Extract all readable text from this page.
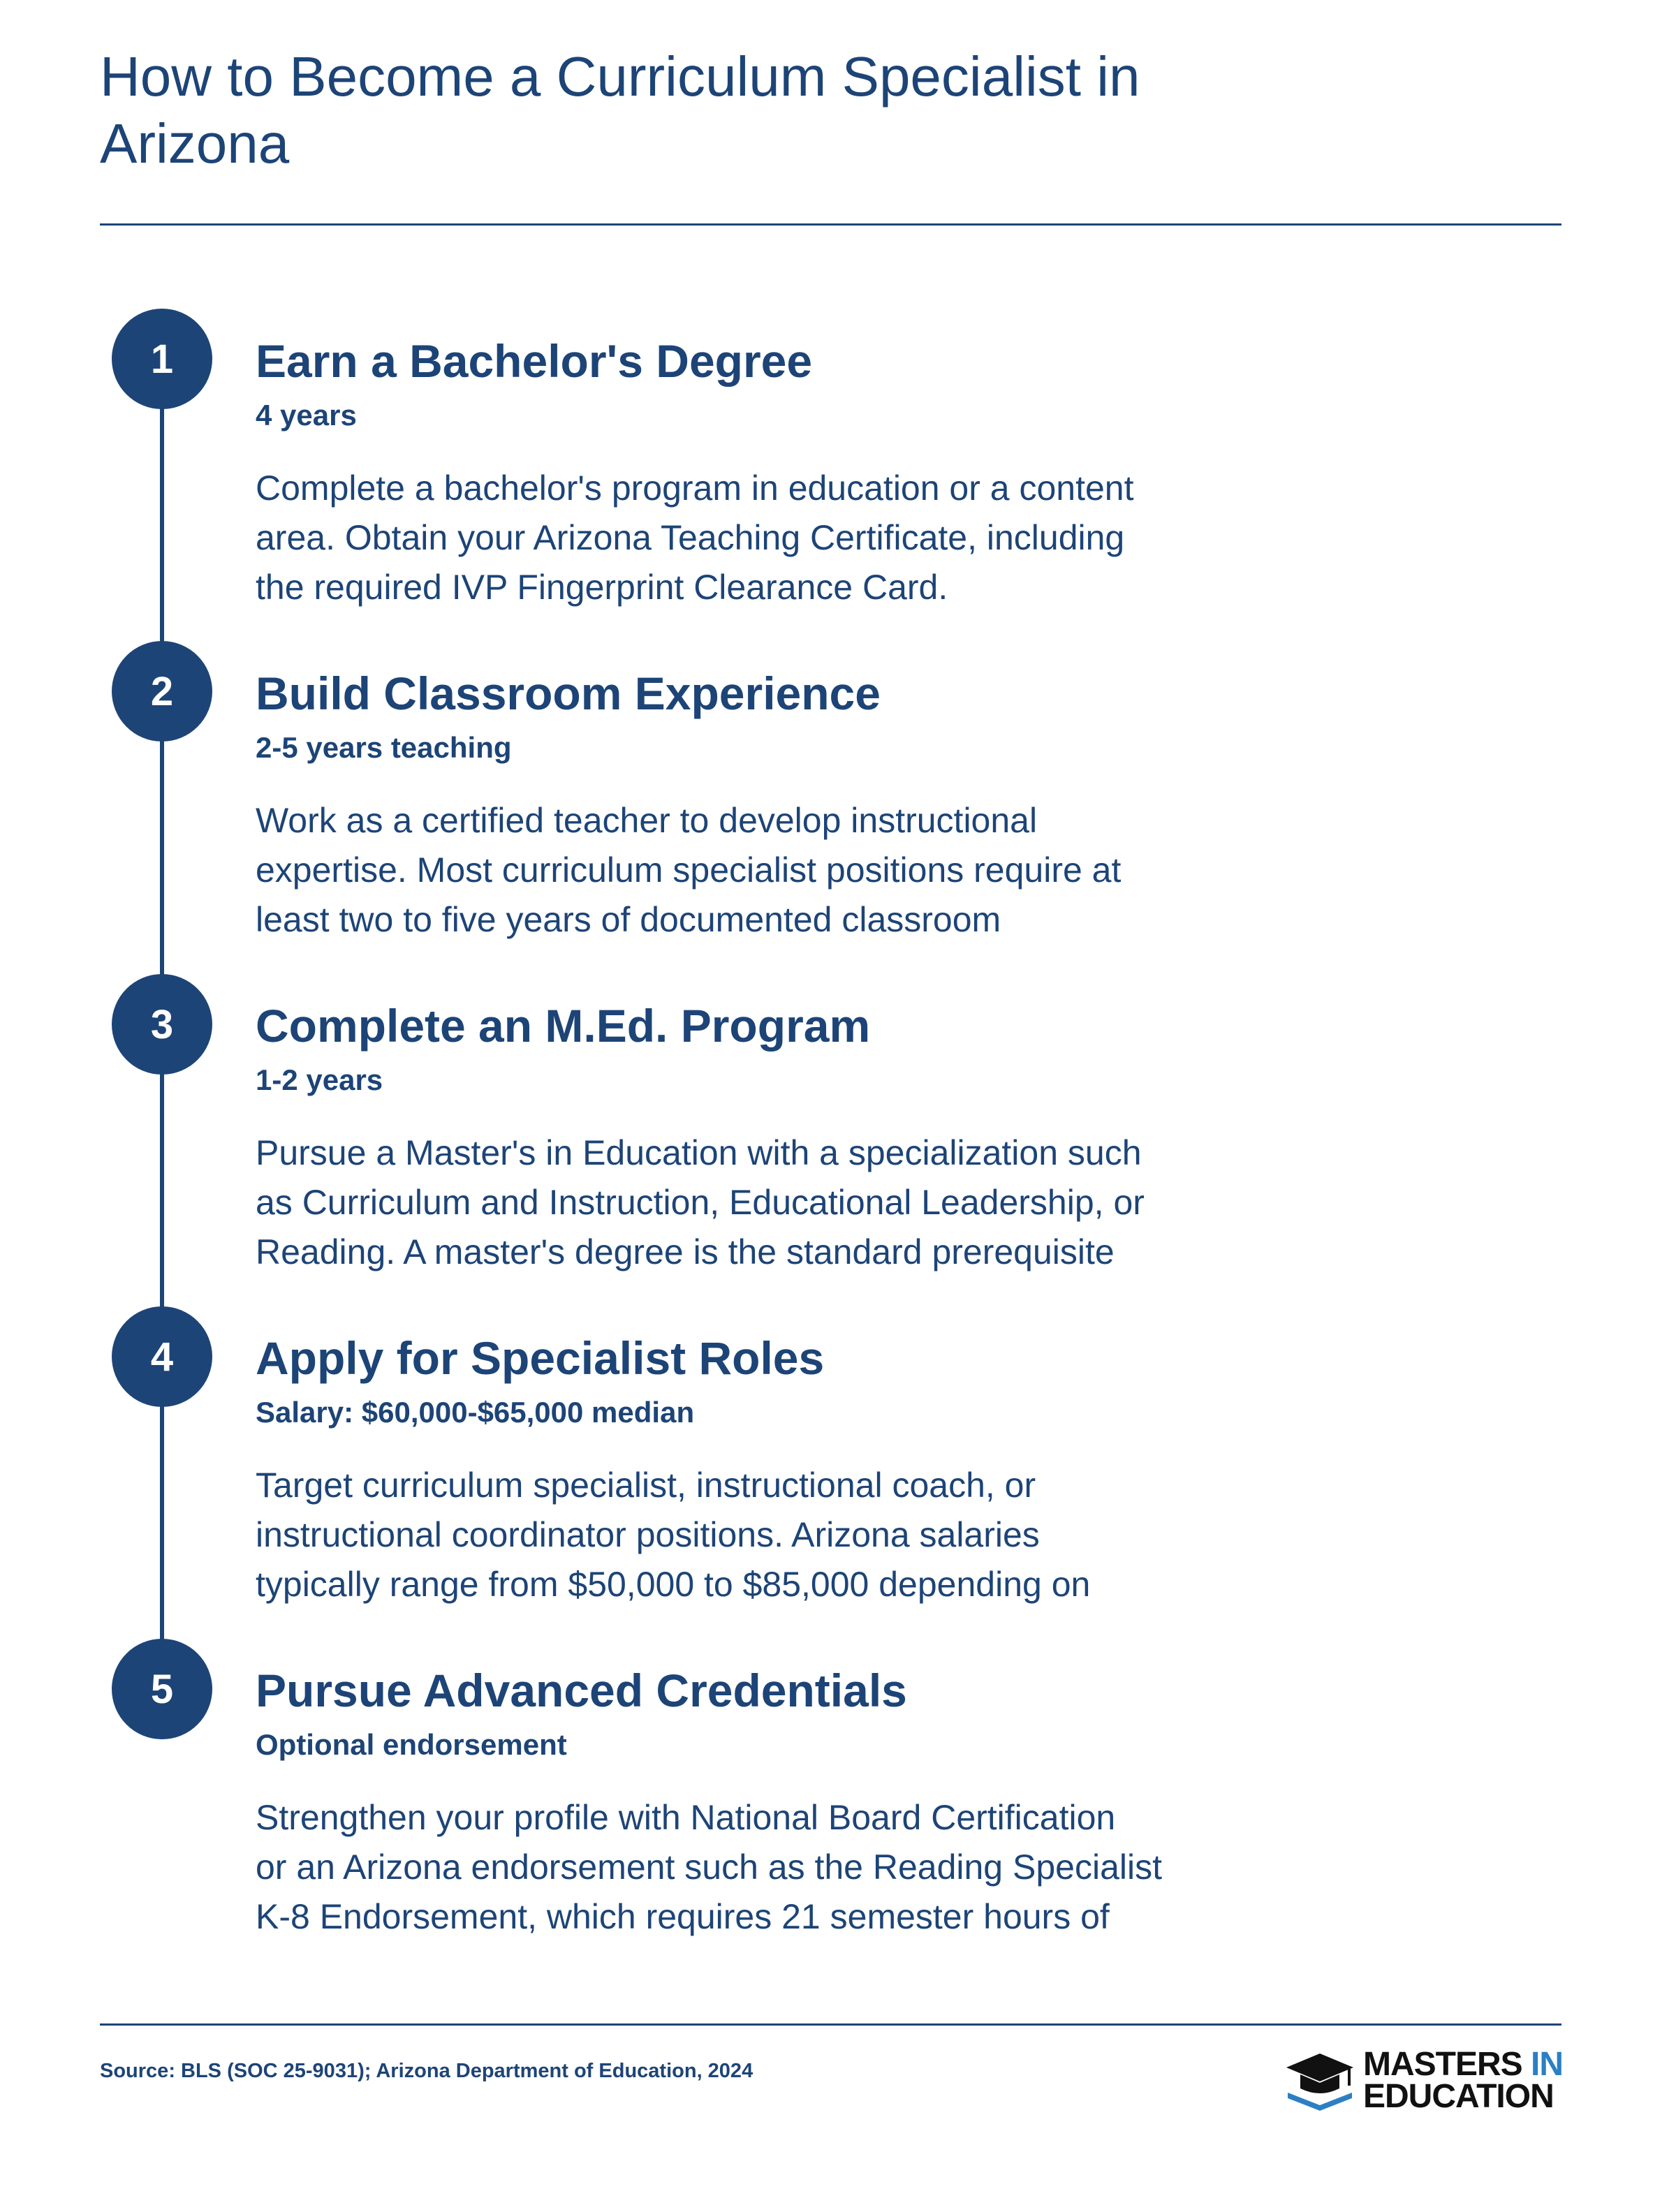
How to Become a Curriculum Specialist in Arizona
1	Earn a Bachelor's Degree
4 years
Complete a bachelor's program in education or a content
area. Obtain your Arizona Teaching Certificate, including
the required IVP Fingerprint Clearance Card.
2	Build Classroom Experience
2-5 years teaching
Work as a certified teacher to develop instructional
expertise. Most curriculum specialist positions require at
least two to five years of documented classroom
3	Complete an M.Ed. Program
1-2 years
Pursue a Master's in Education with a specialization such
as Curriculum and Instruction, Educational Leadership, or
Reading. A master's degree is the standard prerequisite
4	Apply for Specialist Roles
Salary: $60,000-$65,000 median
Target curriculum specialist, instructional coach, or
instructional coordinator positions. Arizona salaries
typically range from $50,000 to $85,000 depending on
5	Pursue Advanced Credentials
Optional endorsement
Strengthen your profile with National Board Certification
or an Arizona endorsement such as the Reading Specialist
K-8 Endorsement, which requires 21 semester hours of
Source: BLS (SOC 25-9031); Arizona Department of Education, 2024	MASTERS IN
EDUCATION
